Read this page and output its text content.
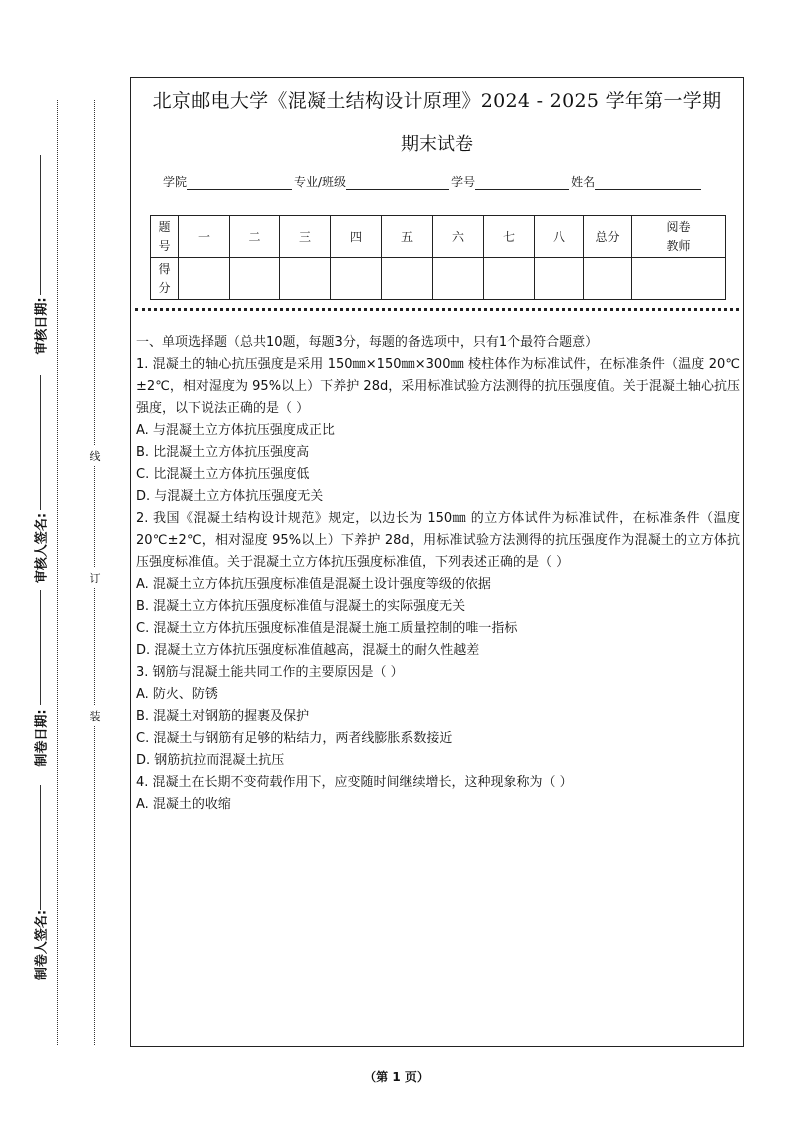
审核日期:
审核人签名:
制卷日期:
制卷人签名:
线
订
装
北京邮电大学《混凝土结构设计原理》2024 - 2025 学年第一学期
期末试卷
学院	专业/班级	学号	姓名
题号	一	二	三	四	五	六	七	八	总分	阅卷教师

得分										

一、单项选择题（总共10题，每题3分，每题的备选项中，只有1个最符合题意）

1. 混凝土的轴心抗压强度是采用 150㎜×150㎜×300㎜ 棱柱体作为标准试件，在标准条件（温度 20℃±2℃，相对湿度为 95%以上）下养护 28d，采用标准试验方法测得的抗压强度值。关于混凝土轴心抗压强度，以下说法正确的是（ ）

A. 与混凝土立方体抗压强度成正比

B. 比混凝土立方体抗压强度高

C. 比混凝土立方体抗压强度低

D. 与混凝土立方体抗压强度无关

2. 我国《混凝土结构设计规范》规定，以边长为 150㎜ 的立方体试件为标准试件，在标准条件（温度 20℃±2℃，相对湿度 95%以上）下养护 28d，用标准试验方法测得的抗压强度作为混凝土的立方体抗压强度标准值。关于混凝土立方体抗压强度标准值，下列表述正确的是（ ）

A. 混凝土立方体抗压强度标准值是混凝土设计强度等级的依据

B. 混凝土立方体抗压强度标准值与混凝土的实际强度无关

C. 混凝土立方体抗压强度标准值是混凝土施工质量控制的唯一指标

D. 混凝土立方体抗压强度标准值越高，混凝土的耐久性越差

3. 钢筋与混凝土能共同工作的主要原因是（ ）

A. 防火、防锈

B. 混凝土对钢筋的握裹及保护

C. 混凝土与钢筋有足够的粘结力，两者线膨胀系数接近

D. 钢筋抗拉而混凝土抗压

4. 混凝土在长期不变荷载作用下，应变随时间继续增长，这种现象称为（ ）

A. 混凝土的收缩

（第 1 页）
